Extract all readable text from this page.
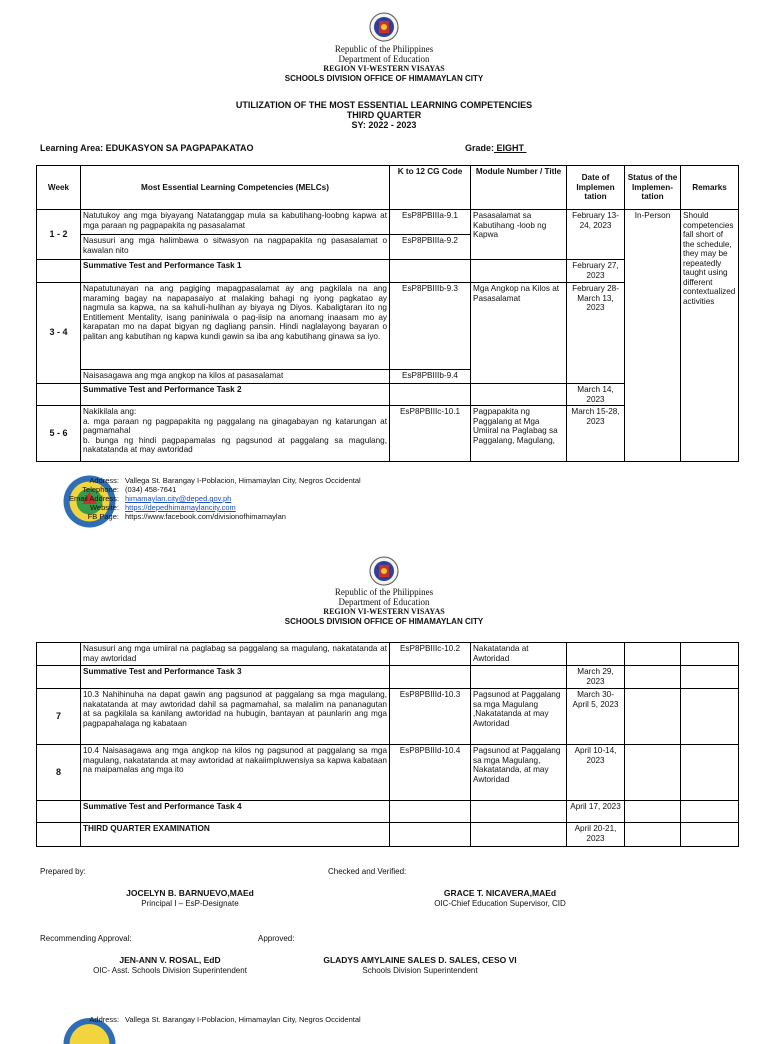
Republic of the Philippines
Department of Education
REGION VI-WESTERN VISAYAS
SCHOOLS DIVISION OFFICE OF HIMAMAYLAN CITY
UTILIZATION OF THE MOST ESSENTIAL LEARNING COMPETENCIES
THIRD QUARTER
SY: 2022 - 2023
Learning Area: EDUKASYON SA PAGPAPAKATAO	Grade: EIGHT
Week	Most Essential Learning Competencies (MELCs)	K to 12 CG Code	Module Number / Title	Date of Implemen tation	Status of the Implemen- tation	Remarks
1 - 2	Natutukoy ang mga biyayang Natatanggap mula sa kabutihang-loobng kapwa at mga paraan ng pagpapakita ng pasasalamat	EsP8PBIIIa-9.1	Pasasalamat sa Kabutihang -loob ng Kapwa	February 13-24, 2023	In-Person	Should competencies fall short of the schedule, they may be repeatedly taught using different contextualized activities
	Nasusuri ang mga halimbawa o sitwasyon na nagpapakita ng pasasalamat o kawalan nito	EsP8PBIIIa-9.2				
	Summative Test and Performance Task 1			February 27, 2023		
3 - 4	Napatutunayan na ang pagiging mapagpasalamat ay ang pagkilala na ang maraming bagay na napapasaiyo at malaking bahagi ng iyong pagkatao ay nagmula sa kapwa, na sa kahuli-hulihan ay biyaya ng Diyos. Kabaligtaran ito ng Entitlement Mentality, isang paniniwala o pag-iisip na anomang inaasam mo ay karapatan mo na dapat bigyan ng dagliang pansin. Hindi naglalayong bayaran o palitan ang kabutihan ng kapwa kundi gawin sa iba ang kabutihang ginawa sa iyo.	EsP8PBIIIb-9.3	Mga Angkop na Kilos at Pasasalamat	February 28-March 13, 2023		
	Naisasagawa ang mga angkop na kilos at pasasalamat	EsP8PBIIIb-9.4				
	Summative Test and Performance Task 2			March 14, 2023		
5 - 6	Nakikilala ang:
a. mga paraan ng pagpapakita ng paggalang na ginagabayan ng katarungan at pagmamahal
b. bunga ng hindi pagpapamalas ng pagsunod at paggalang sa magulang, nakatatanda at may awtoridad	EsP8PBIIIc-10.1	Pagpapakita ng Paggalang at Mga Umiiral na Paglabag sa Paggalang, Magulang,	March 15-28, 2023		
Address: Vallega St. Barangay I-Poblacion, Himamaylan City, Negros Occidental
Telephone: (034) 458-7641
Email Address: himamaylan.city@deped.gov.ph
Website: https://depedhimamaylancity.com
FB Page: https://www.facebook.com/divisionofhimamaylan
Republic of the Philippines
Department of Education
REGION VI-WESTERN VISAYAS
SCHOOLS DIVISION OFFICE OF HIMAMAYLAN CITY
	Nasusuri ang mga umiiral na paglabag sa paggalang sa magulang, nakatatanda at may awtoridad	EsP8PBIIIc-10.2	Nakatatanda at Awtoridad			
	Summative Test and Performance Task 3			March 29, 2023		
7	10.3 Nahihinuha na dapat gawin ang pagsunod at paggalang sa mga magulang, nakatatanda at may awtoridad dahil sa pagmamahal, sa malalim na pananagutan at sa pagkilala sa kanilang awtoridad na hubugin, bantayan at paunlarin ang mga pagpapahalaga ng kabataan	EsP8PBIIId-10.3	Pagsunod at Paggalang sa mga Magulang ,Nakatatanda at may Awtoridad	March 30-April 5, 2023		
8	10.4 Naisasagawa ang mga angkop na kilos ng pagsunod at paggalang sa mga magulang, nakatatanda at may awtoridad at nakaiimpluwensiya sa kapwa kabataan na maipamalas ang mga ito	EsP8PBIIId-10.4	Pagsunod at Paggalang sa mga Magulang, Nakatatanda, at may Awtoridad	April 10-14, 2023		
	Summative Test and Performance Task 4			April 17, 2023		
	THIRD QUARTER EXAMINATION			April 20-21, 2023		
Prepared by:	Checked and Verified:
JOCELYN B. BARNUEVO,MAEd
Principal I – EsP-Designate
GRACE T. NICAVERA,MAEd
OIC-Chief Education Supervisor, CID
Recommending Approval:	Approved:
JEN-ANN V. ROSAL, EdD
OIC- Asst. Schools Division Superintendent
GLADYS AMYLAINE SALES D. SALES, CESO VI
Schools Division Superintendent
Address: Vallega St. Barangay I-Poblacion, Himamaylan City, Negros Occidental
